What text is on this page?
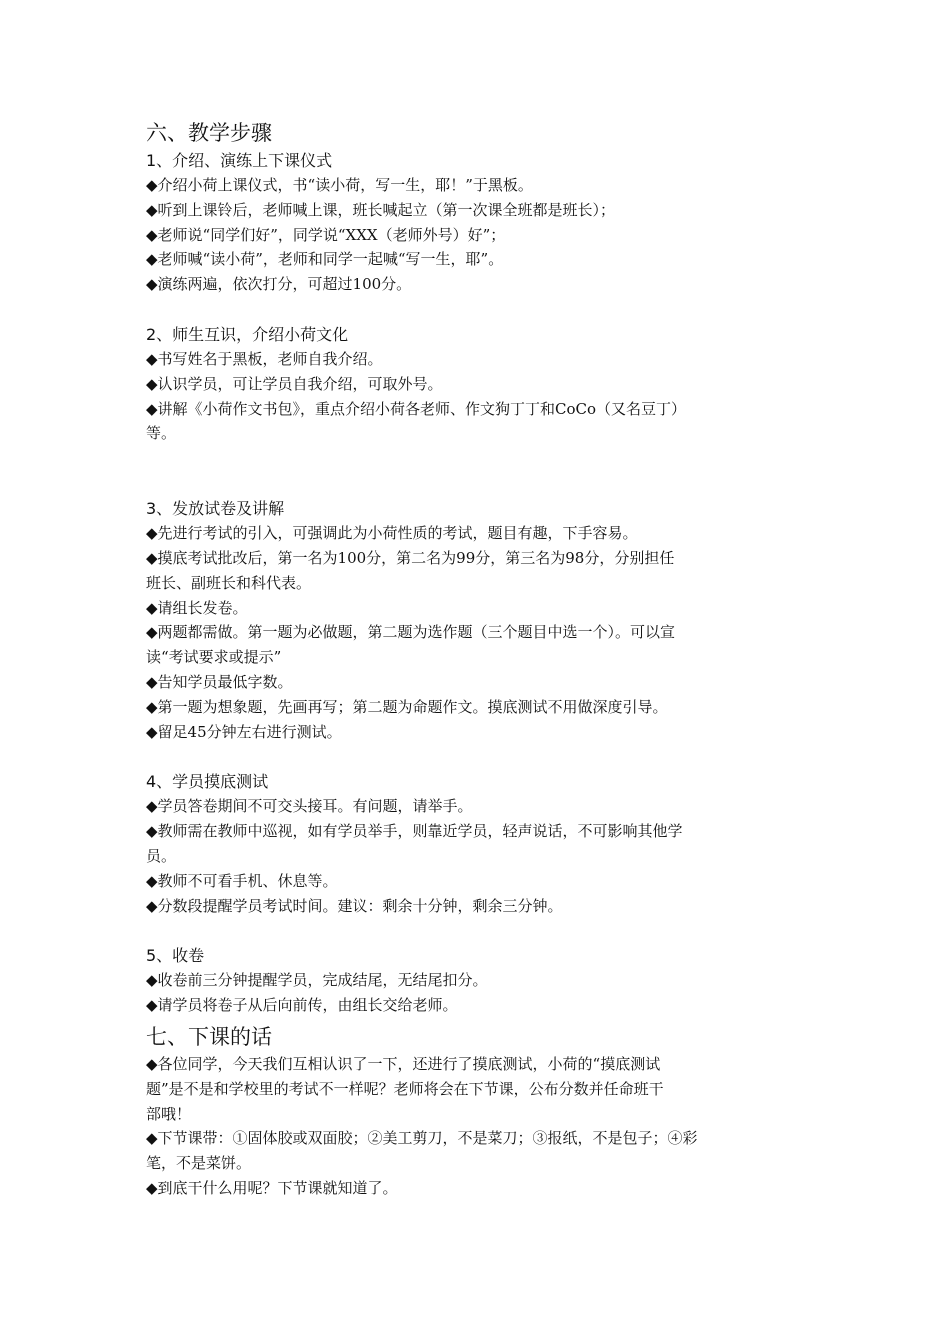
六、教学步骤
1、介绍、演练上下课仪式
◆介绍小荷上课仪式，书“读小荷，写一生，耶！”于黑板。
◆听到上课铃后，老师喊上课，班长喊起立（第一次课全班都是班长）；
◆老师说“同学们好”，同学说“XXX（老师外号）好”；
◆老师喊“读小荷”，老师和同学一起喊“写一生，耶”。
◆演练两遍，依次打分，可超过100分。
2、师生互识，介绍小荷文化
◆书写姓名于黑板，老师自我介绍。
◆认识学员，可让学员自我介绍，可取外号。
◆讲解《小荷作文书包》，重点介绍小荷各老师、作文狗丁丁和CoCo（又名豆丁）
等。
3、发放试卷及讲解
◆先进行考试的引入，可强调此为小荷性质的考试，题目有趣，下手容易。
◆摸底考试批改后，第一名为100分，第二名为99分，第三名为98分，分别担任
班长、副班长和科代表。
◆请组长发卷。
◆两题都需做。第一题为必做题，第二题为选作题（三个题目中选一个）。可以宣
读“考试要求或提示”
◆告知学员最低字数。
◆第一题为想象题，先画再写；第二题为命题作文。摸底测试不用做深度引导。
◆留足45分钟左右进行测试。
4、学员摸底测试
◆学员答卷期间不可交头接耳。有问题，请举手。
◆教师需在教师中巡视，如有学员举手，则靠近学员，轻声说话，不可影响其他学
员。
◆教师不可看手机、休息等。
◆分数段提醒学员考试时间。建议：剩余十分钟，剩余三分钟。
5、收卷
◆收卷前三分钟提醒学员，完成结尾，无结尾扣分。
◆请学员将卷子从后向前传，由组长交给老师。
七、下课的话
◆各位同学，今天我们互相认识了一下，还进行了摸底测试，小荷的“摸底测试
题”是不是和学校里的考试不一样呢？老师将会在下节课，公布分数并任命班干
部哦！
◆下节课带：①固体胶或双面胶；②美工剪刀，不是菜刀；③报纸，不是包子；④彩
笔，不是菜饼。
◆到底干什么用呢？下节课就知道了。
